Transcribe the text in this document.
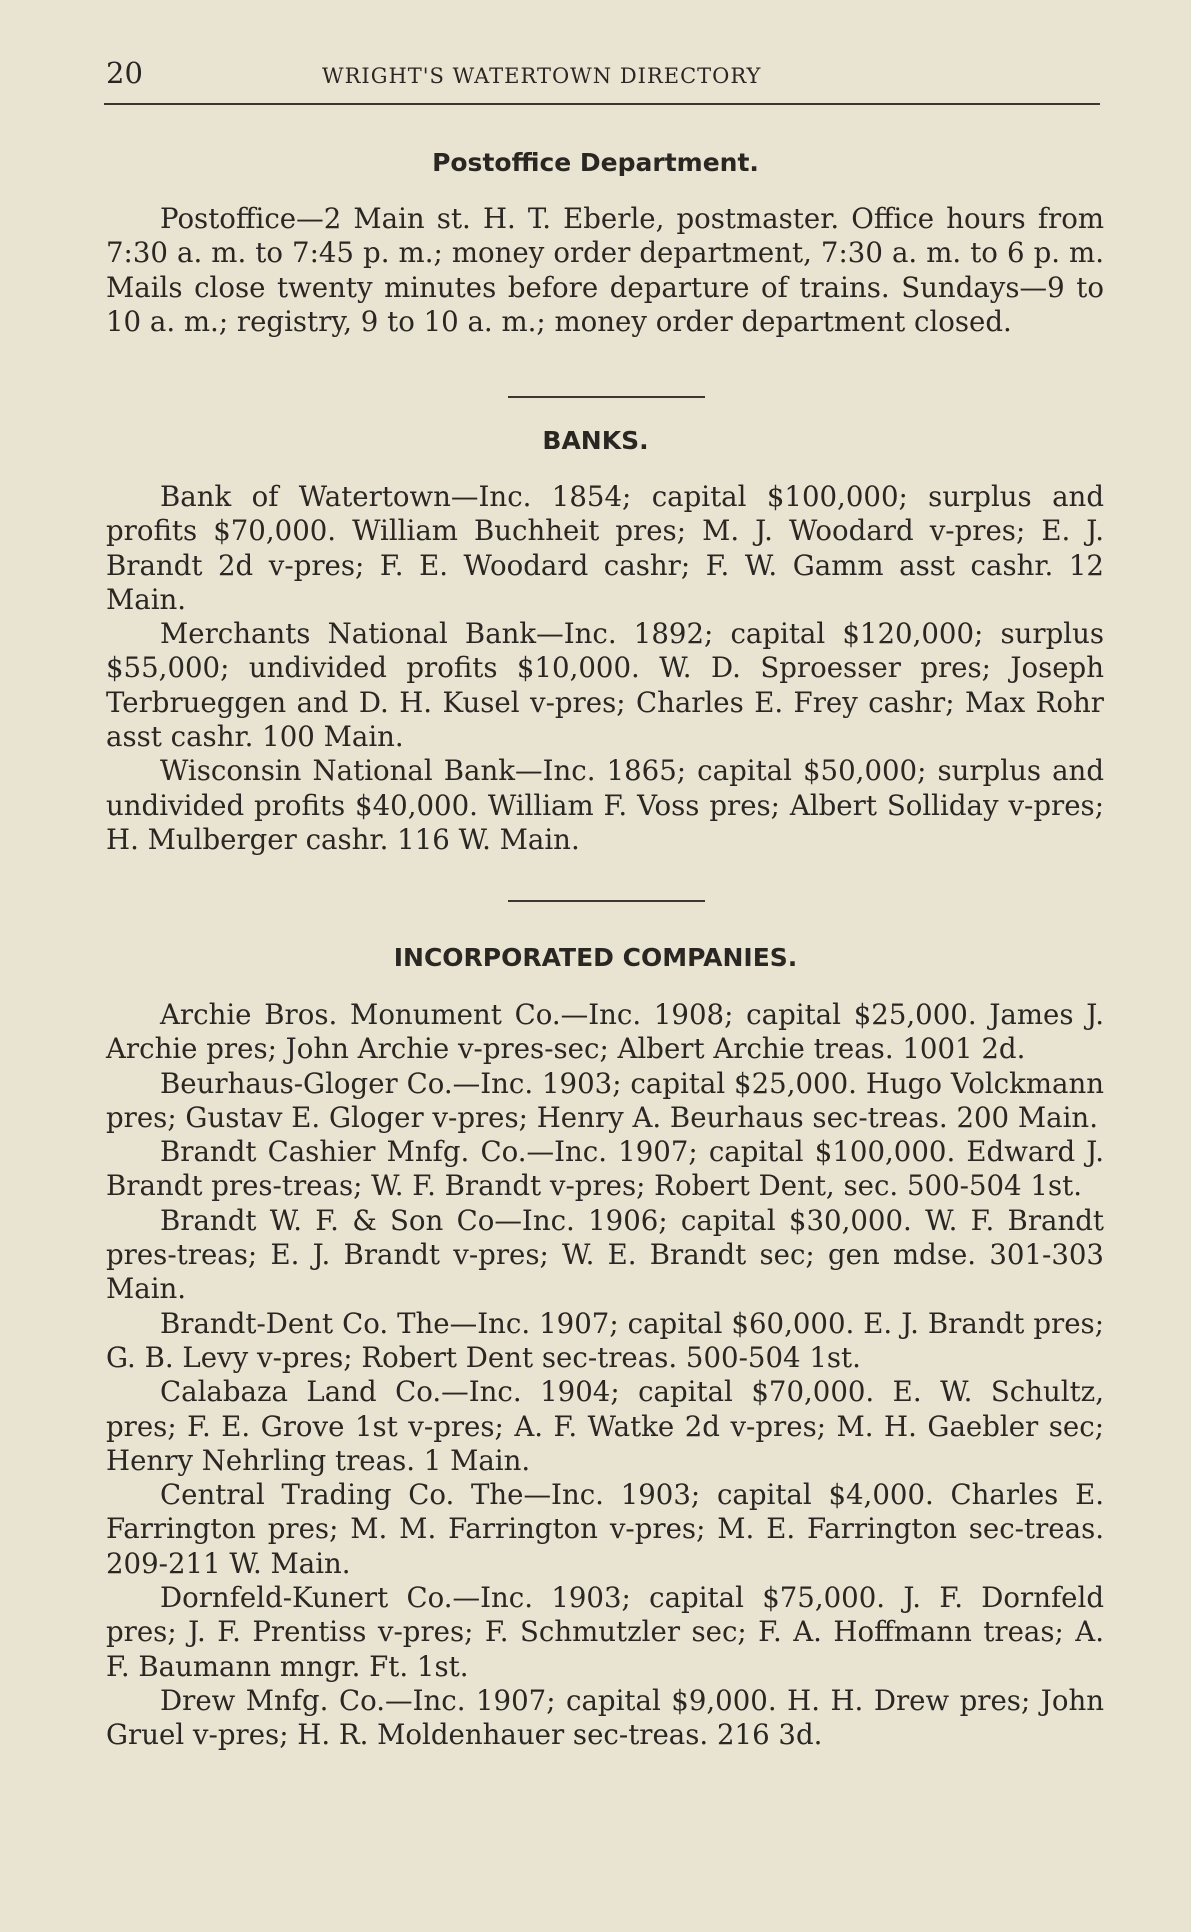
20	WRIGHT'S WATERTOWN DIRECTORY
Postoffice Department.

Postoffice—2 Main st. H. T. Eberle, postmaster. Office hours from 7:30 a. m. to 7:45 p. m.; money order department, 7:30 a. m. to 6 p. m. Mails close twenty minutes before departure of trains. Sundays—9 to 10 a. m.; registry, 9 to 10 a. m.; money order department closed.

BANKS.

Bank of Watertown—Inc. 1854; capital $100,000; surplus and profits $70,000. William Buchheit pres; M. J. Woodard v-pres; E. J. Brandt 2d v-pres; F. E. Woodard cashr; F. W. Gamm asst cashr. 12 Main.

Merchants National Bank—Inc. 1892; capital $120,000; surplus $55,000; undivided profits $10,000. W. D. Sproesser pres; Joseph Terbrueggen and D. H. Kusel v-pres; Charles E. Frey cashr; Max Rohr asst cashr. 100 Main.

Wisconsin National Bank—Inc. 1865; capital $50,000; surplus and undivided profits $40,000. William F. Voss pres; Albert Solliday v-pres; H. Mulberger cashr. 116 W. Main.

INCORPORATED COMPANIES.

Archie Bros. Monument Co.—Inc. 1908; capital $25,000. James J. Archie pres; John Archie v-pres-sec; Albert Archie treas. 1001 2d.

Beurhaus-Gloger Co.—Inc. 1903; capital $25,000. Hugo Volckmann pres; Gustav E. Gloger v-pres; Henry A. Beurhaus sec-treas. 200 Main.

Brandt Cashier Mnfg. Co.—Inc. 1907; capital $100,000. Edward J. Brandt pres-treas; W. F. Brandt v-pres; Robert Dent, sec. 500-504 1st.

Brandt W. F. & Son Co—Inc. 1906; capital $30,000. W. F. Brandt pres-treas; E. J. Brandt v-pres; W. E. Brandt sec; gen mdse. 301-303 Main.

Brandt-Dent Co. The—Inc. 1907; capital $60,000. E. J. Brandt pres; G. B. Levy v-pres; Robert Dent sec-treas. 500-504 1st.

Calabaza Land Co.—Inc. 1904; capital $70,000. E. W. Schultz, pres; F. E. Grove 1st v-pres; A. F. Watke 2d v-pres; M. H. Gaebler sec; Henry Nehrling treas. 1 Main.

Central Trading Co. The—Inc. 1903; capital $4,000. Charles E. Farrington pres; M. M. Farrington v-pres; M. E. Farrington sec-treas. 209-211 W. Main.

Dornfeld-Kunert Co.—Inc. 1903; capital $75,000. J. F. Dornfeld pres; J. F. Prentiss v-pres; F. Schmutzler sec; F. A. Hoffmann treas; A. F. Baumann mngr. Ft. 1st.

Drew Mnfg. Co.—Inc. 1907; capital $9,000. H. H. Drew pres; John Gruel v-pres; H. R. Moldenhauer sec-treas. 216 3d.
